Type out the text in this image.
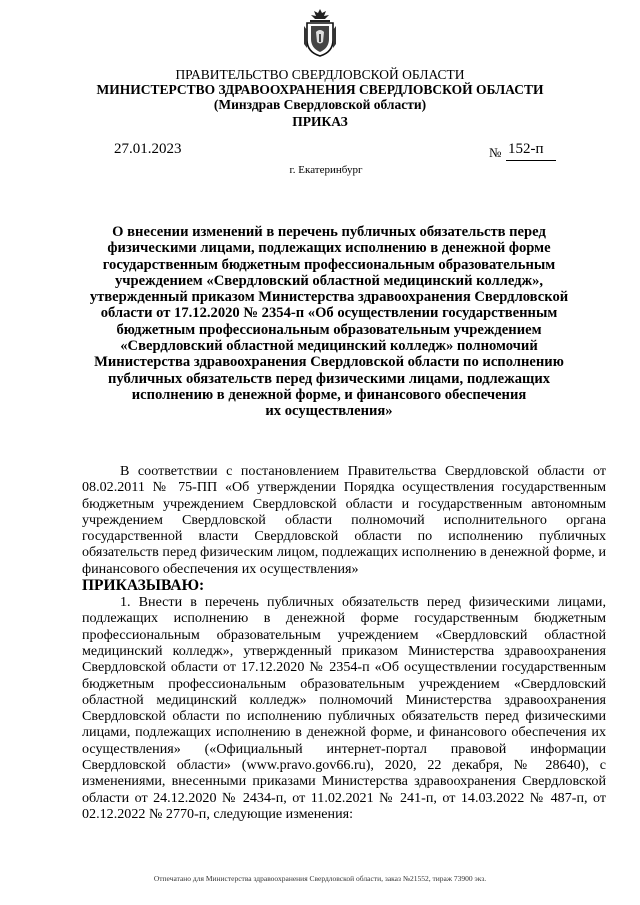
ПРАВИТЕЛЬСТВО СВЕРДЛОВСКОЙ ОБЛАСТИ
МИНИСТЕРСТВО ЗДРАВООХРАНЕНИЯ СВЕРДЛОВСКОЙ ОБЛАСТИ
(Минздрав Свердловской области)
ПРИКАЗ
27.01.2023	№ 152-п
г. Екатеринбург
О внесении изменений в перечень публичных обязательств перед
физическими лицами, подлежащих исполнению в денежной форме
государственным бюджетным профессиональным образовательным
учреждением «Свердловский областной медицинский колледж»,
утвержденный приказом Министерства здравоохранения Свердловской
области от 17.12.2020 № 2354-п «Об осуществлении государственным
бюджетным профессиональным образовательным учреждением
«Свердловский областной медицинский колледж» полномочий
Министерства здравоохранения Свердловской области по исполнению
публичных обязательств перед физическими лицами, подлежащих
исполнению в денежной форме, и финансового обеспечения
их осуществления»

В соответствии с постановлением Правительства Свердловской области от 08.02.2011 № 75-ПП «Об утверждении Порядка осуществления государственным бюджетным учреждением Свердловской области и государственным автономным учреждением Свердловской области полномочий исполнительного органа государственной власти Свердловской области по исполнению публичных обязательств перед физическим лицом, подлежащих исполнению в денежной форме, и финансового обеспечения их осуществления»

ПРИКАЗЫВАЮ:

1. Внести в перечень публичных обязательств перед физическими лицами, подлежащих исполнению в денежной форме государственным бюджетным профессиональным образовательным учреждением «Свердловский областной медицинский колледж», утвержденный приказом Министерства здравоохранения Свердловской области от 17.12.2020 № 2354-п «Об осуществлении государственным бюджетным профессиональным образовательным учреждением «Свердловский областной медицинский колледж» полномочий Министерства здравоохранения Свердловской области по исполнению публичных обязательств перед физическими лицами, подлежащих исполнению в денежной форме, и финансового обеспечения их осуществления» («Официальный интернет-портал правовой информации Свердловской области» (www.pravo.gov66.ru), 2020, 22 декабря, № 28640), с изменениями, внесенными приказами Министерства здравоохранения Свердловской области от 24.12.2020 № 2434-п, от 11.02.2021 № 241-п, от 14.03.2022 № 487-п, от 02.12.2022 № 2770-п, следующие изменения:

Отпечатано для Министерства здравоохранения Свердловской области, заказ №21552, тираж 73900 экз.
